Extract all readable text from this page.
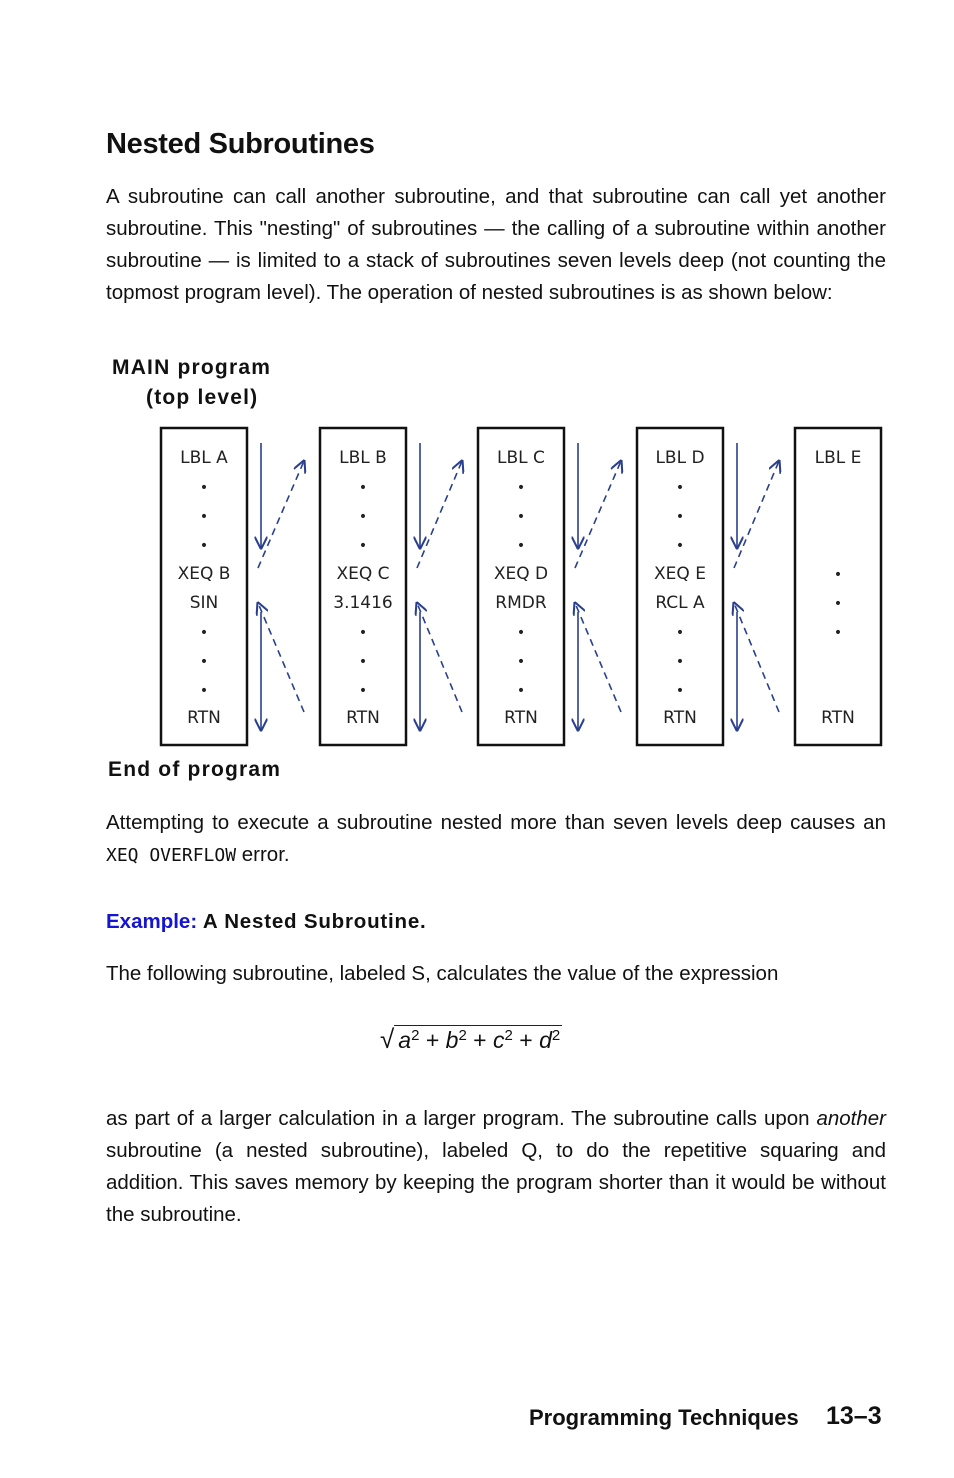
Nested Subroutines

A subroutine can call another subroutine, and that subroutine can call yet another subroutine. This "nesting" of subroutines — the calling of a subroutine within another subroutine — is limited to a stack of subroutines seven levels deep (not counting the topmost program level). The operation of nested subroutines is as shown below:

MAIN program
(top level)
LBL A
•
•
•
XEQ B
SIN
•
•
•
RTN
LBL B
•
•
•
XEQ C
3.1416
•
•
•
RTN
LBL C
•
•
•
XEQ D
RMDR
•
•
•
RTN
LBL D
•
•
•
XEQ E
RCL A
•
•
•
RTN
LBL E
•
•
•
RTN
End of program

Attempting to execute a subroutine nested more than seven levels deep causes an XEQ OVERFLOW error.

Example: A Nested Subroutine.

The following subroutine, labeled S, calculates the value of the expression

√ $a^2 + b^2 + c^2 + d^2$

as part of a larger calculation in a larger program. The subroutine calls upon another subroutine (a nested subroutine), labeled Q, to do the repetitive squaring and addition. This saves memory by keeping the program shorter than it would be without the subroutine.

Programming Techniques 13–3
